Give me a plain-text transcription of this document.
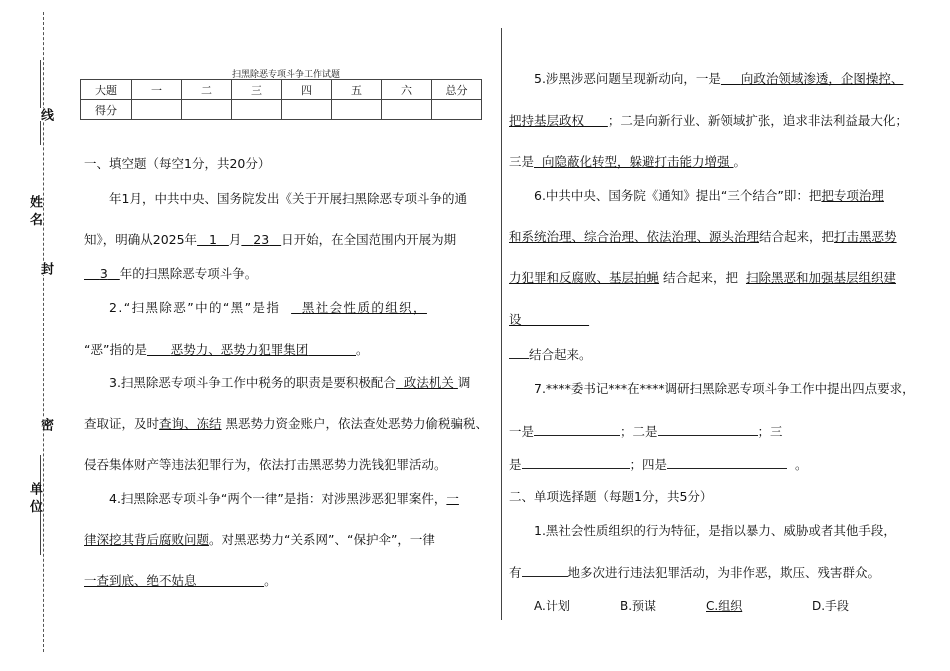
线
姓 名
封
密
单 位
扫黑除恶专项斗争工作试题
大题	一	二	三	四	五	六	总分
得分							
一、填空题（每空1分，共20分）
年1月，中共中央、国务院发出《关于开展扫黑除恶专项斗争的通
知》，明确从2025年 1 月 23 日开始，在全国范围内开展为期
3 年的扫黑除恶专项斗争。
2.“扫黑除恶”中的“黑”是指 黑社会性质的组织，
“恶”指的是 恶势力、恶势力犯罪集团	。
3.扫黑除恶专项斗争工作中税务的职责是要积极配合 政法机关 调
查取证，及时查询、冻结 黑恶势力资金账户，依法查处恶势力偷税骗税、
侵吞集体财产等违法犯罪行为，依法打击黑恶势力洗钱犯罪活动。
4.扫黑除恶专项斗争“两个一律”是指：对涉黑涉恶犯罪案件，一
律深挖其背后腐败问题。对黑恶势力“关系网”、“保护伞”，一律
一查到底、绝不姑息	。
5.涉黑涉恶问题呈现新动向，一是 向政治领域渗透，企图操控、
把持基层政权 ；二是向新行业、新领域扩张，追求非法利益最大化；
三是 向隐蔽化转型，躲避打击能力增强 。
6.中共中央、国务院《通知》提出“三个结合”即：把把专项治理
和系统治理、综合治理、依法治理、源头治理结合起来，把打击黑恶势
力犯罪和反腐败、基层拍蝇 结合起来，把 扫除黑恶和加强基层组织建
设
结合起来。
7.****委书记***在****调研扫黑除恶专项斗争工作中提出四点要求，
一是	；二是	；三
是	；四是	。
二、单项选择题（每题1分，共5分）
1.黑社会性质组织的行为特征，是指以暴力、威胁或者其他手段，
有	地多次进行违法犯罪活动，为非作恶，欺压、残害群众。
A.计划	B.预谋	C.组织	D.手段
